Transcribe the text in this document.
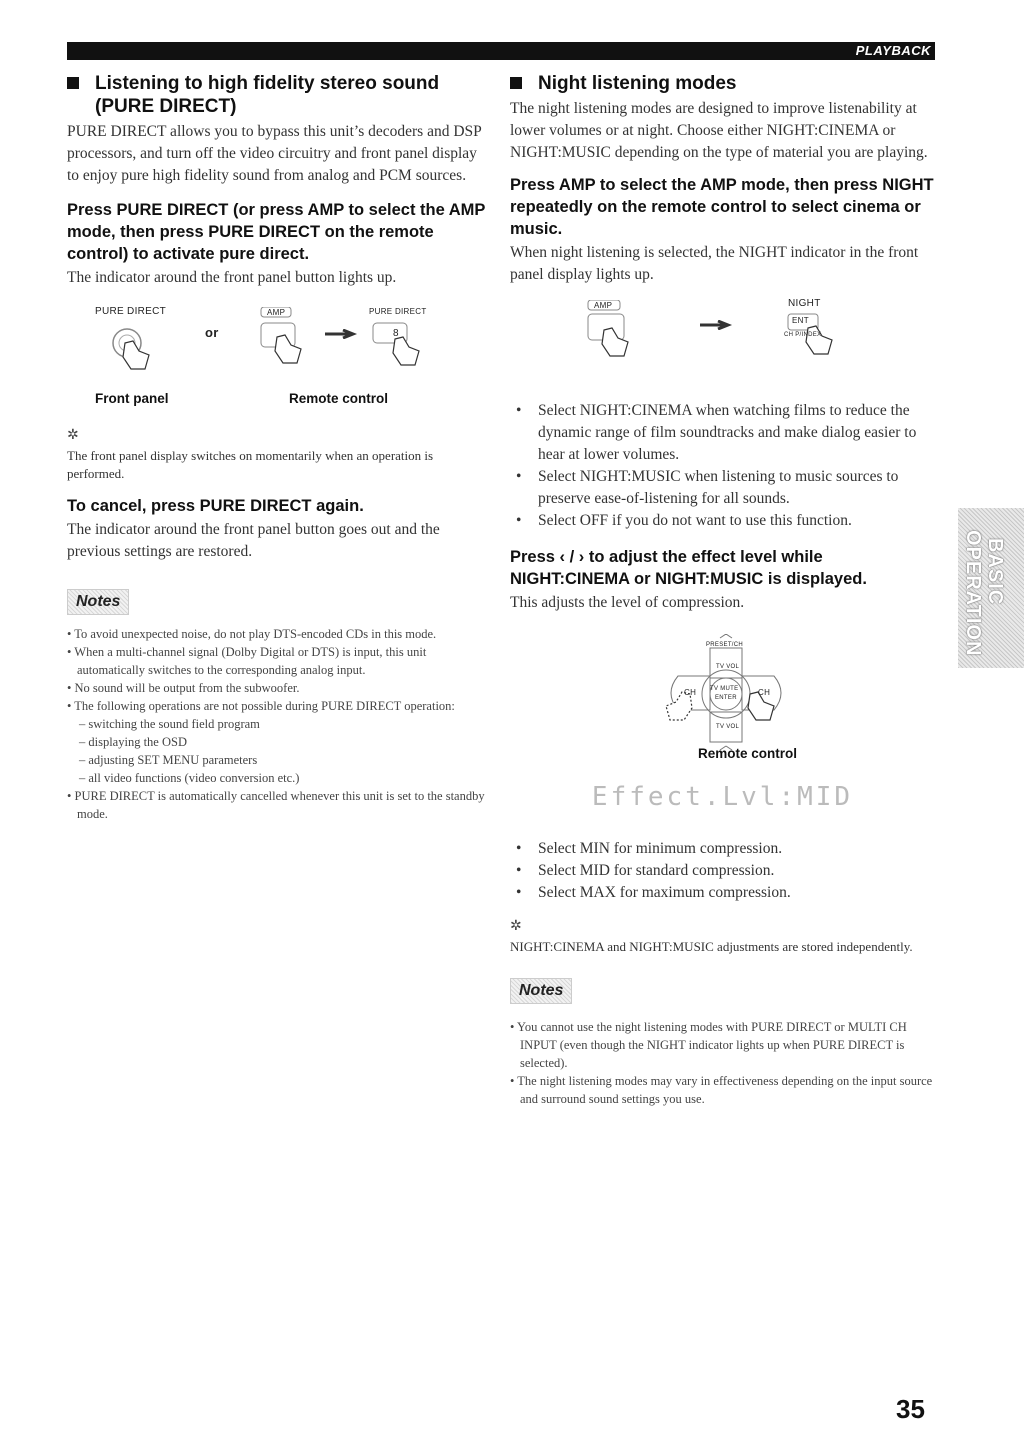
PLAYBACK
Listening to high fidelity stereo sound (PURE DIRECT)

PURE DIRECT allows you to bypass this unit’s decoders and DSP processors, and turn off the video circuitry and front panel display to enjoy pure high fidelity sound from analog and PCM sources.

Press PURE DIRECT (or press AMP to select the AMP mode, then press PURE DIRECT on the remote control) to activate pure direct.

The indicator around the front panel button lights up.

PURE DIRECT
or
AMP	PURE DIRECT
8
Front panel	Remote control
✲

The front panel display switches on momentarily when an operation is performed.

To cancel, press PURE DIRECT again.

The indicator around the front panel button goes out and the previous settings are restored.

Notes
• To avoid unexpected noise, do not play DTS-encoded CDs in this mode.
• When a multi-channel signal (Dolby Digital or DTS) is input, this unit automatically switches to the corresponding analog input.
• No sound will be output from the subwoofer.
• The following operations are not possible during PURE DIRECT operation:
– switching the sound field program
– displaying the OSD
– adjusting SET MENU parameters
– all video functions (video conversion etc.)
• PURE DIRECT is automatically cancelled whenever this unit is set to the standby mode.
Night listening modes

The night listening modes are designed to improve listenability at lower volumes or at night. Choose either NIGHT:CINEMA or NIGHT:MUSIC depending on the type of material you are playing.

Press AMP to select the AMP mode, then press NIGHT repeatedly on the remote control to select cinema or music.

When night listening is selected, the NIGHT indicator in the front panel display lights up.

AMP	NIGHT
ENT
CH P/INDEX
• Select NIGHT:CINEMA when watching films to reduce the dynamic range of film soundtracks and make dialog easier to hear at lower volumes.
• Select NIGHT:MUSIC when listening to music sources to preserve ease-of-listening for all sounds.
• Select OFF if you do not want to use this function.
Press ‹ / › to adjust the effect level while NIGHT:CINEMA or NIGHT:MUSIC is displayed.

This adjusts the level of compression.

PRESET/CH
TV VOL
CH	CH
TV MUTE
ENTER
TV VOL
Remote control
Effect.Lvl:MID
• Select MIN for minimum compression.
• Select MID for standard compression.
• Select MAX for maximum compression.
✲

NIGHT:CINEMA and NIGHT:MUSIC adjustments are stored independently.

Notes
• You cannot use the night listening modes with PURE DIRECT or MULTI CH INPUT (even though the NIGHT indicator lights up when PURE DIRECT is selected).
• The night listening modes may vary in effectiveness depending on the input source and surround sound settings you use.
BASIC
OPERATION
35
